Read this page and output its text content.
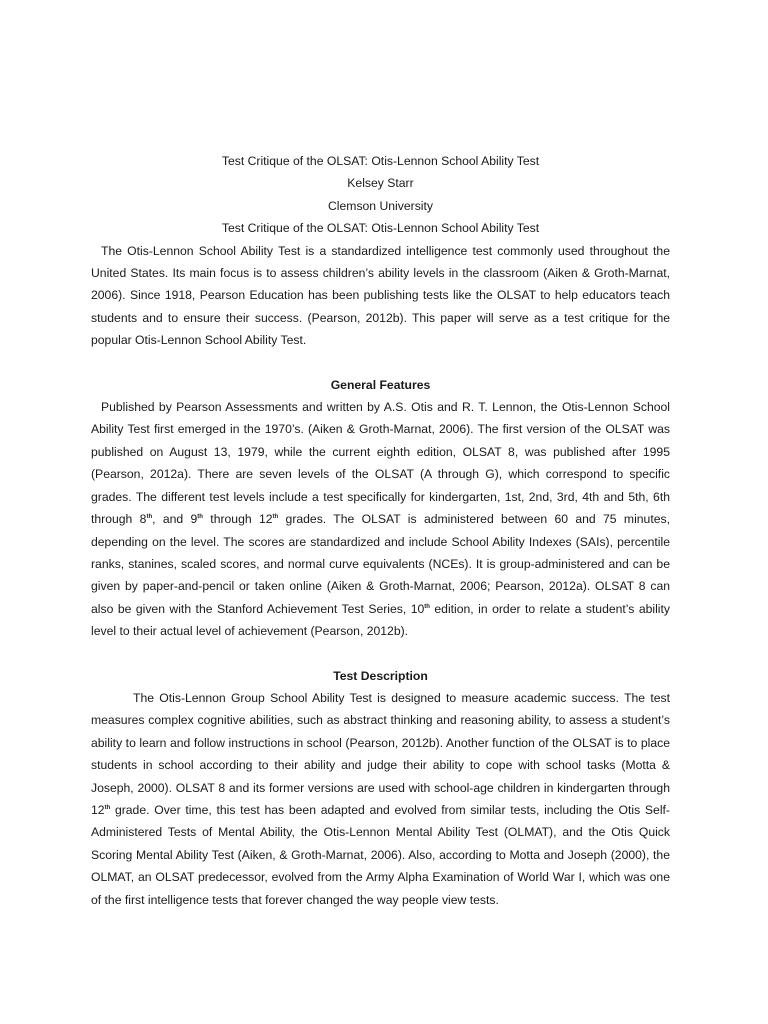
Test Critique of the OLSAT: Otis-Lennon School Ability Test

Kelsey Starr

Clemson University

Test Critique of the OLSAT: Otis-Lennon School Ability Test

The Otis-Lennon School Ability Test is a standardized intelligence test commonly used throughout the United States. Its main focus is to assess children’s ability levels in the classroom (Aiken & Groth-Marnat, 2006). Since 1918, Pearson Education has been publishing tests like the OLSAT to help educators teach students and to ensure their success. (Pearson, 2012b). This paper will serve as a test critique for the popular Otis-Lennon School Ability Test.

General Features

Published by Pearson Assessments and written by A.S. Otis and R. T. Lennon, the Otis-Lennon School Ability Test first emerged in the 1970’s. (Aiken & Groth-Marnat, 2006). The first version of the OLSAT was published on August 13, 1979, while the current eighth edition, OLSAT 8, was published after 1995 (Pearson, 2012a). There are seven levels of the OLSAT (A through G), which correspond to specific grades. The different test levels include a test specifically for kindergarten, 1st, 2nd, 3rd, 4th and 5th, 6th through 8th, and 9th through 12th grades. The OLSAT is administered between 60 and 75 minutes, depending on the level. The scores are standardized and include School Ability Indexes (SAIs), percentile ranks, stanines, scaled scores, and normal curve equivalents (NCEs). It is group-administered and can be given by paper-and-pencil or taken online (Aiken & Groth-Marnat, 2006; Pearson, 2012a). OLSAT 8 can also be given with the Stanford Achievement Test Series, 10th edition, in order to relate a student’s ability level to their actual level of achievement (Pearson, 2012b).

Test Description

The Otis-Lennon Group School Ability Test is designed to measure academic success. The test measures complex cognitive abilities, such as abstract thinking and reasoning ability, to assess a student’s ability to learn and follow instructions in school (Pearson, 2012b). Another function of the OLSAT is to place students in school according to their ability and judge their ability to cope with school tasks (Motta & Joseph, 2000). OLSAT 8 and its former versions are used with school-age children in kindergarten through 12th grade. Over time, this test has been adapted and evolved from similar tests, including the Otis Self-Administered Tests of Mental Ability, the Otis-Lennon Mental Ability Test (OLMAT), and the Otis Quick Scoring Mental Ability Test (Aiken, & Groth-Marnat, 2006). Also, according to Motta and Joseph (2000), the OLMAT, an OLSAT predecessor, evolved from the Army Alpha Examination of World War I, which was one of the first intelligence tests that forever changed the way people view tests.
